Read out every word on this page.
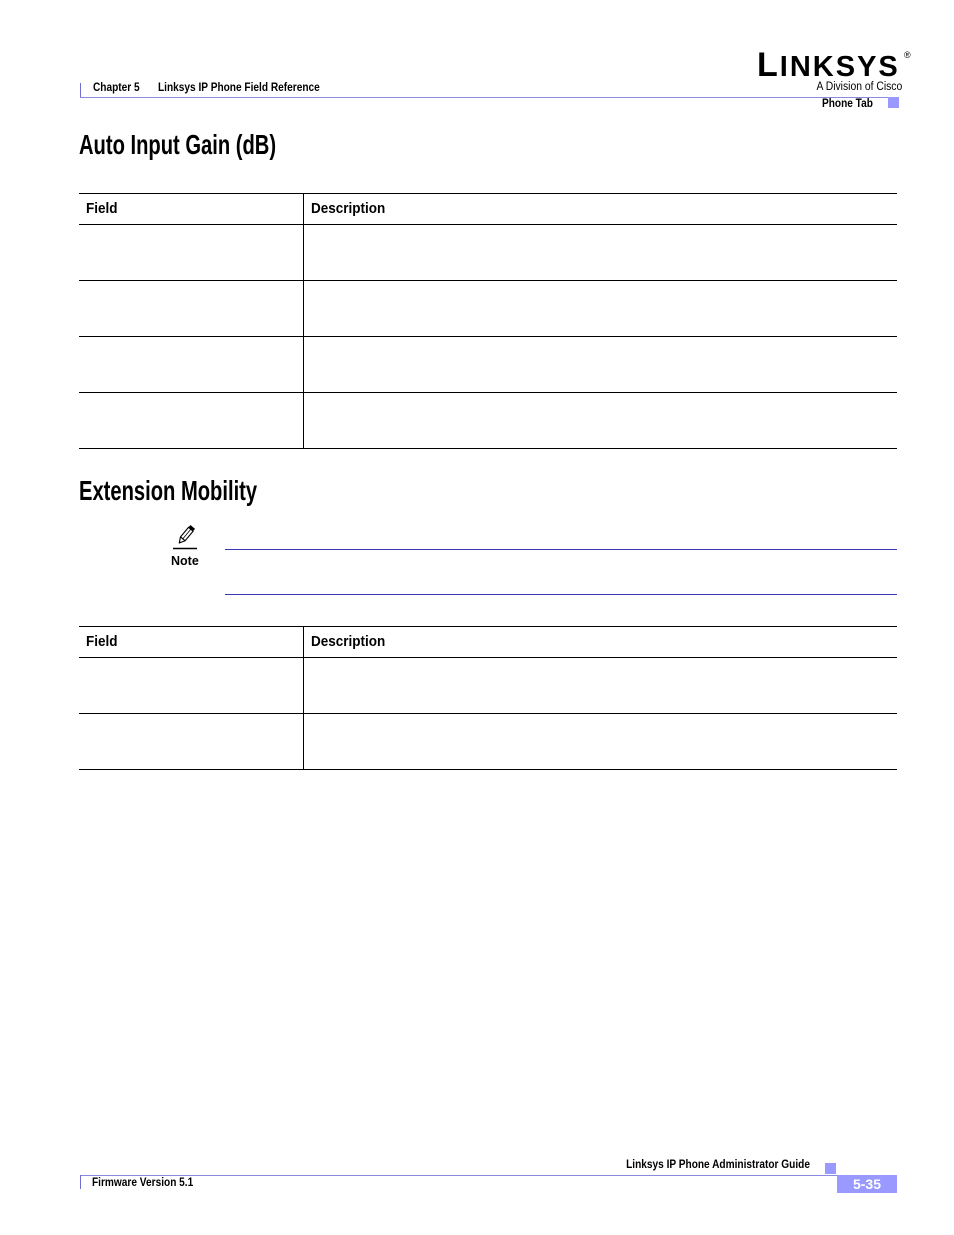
Chapter 5 Linksys IP Phone Field Reference
Phone Tab
LINKSYS ®
A Division of Cisco
Auto Input Gain (dB)
Field	Description
Extension Mobility
Note
Field	Description
Linksys IP Phone Administrator Guide
Firmware Version 5.1	5-35
